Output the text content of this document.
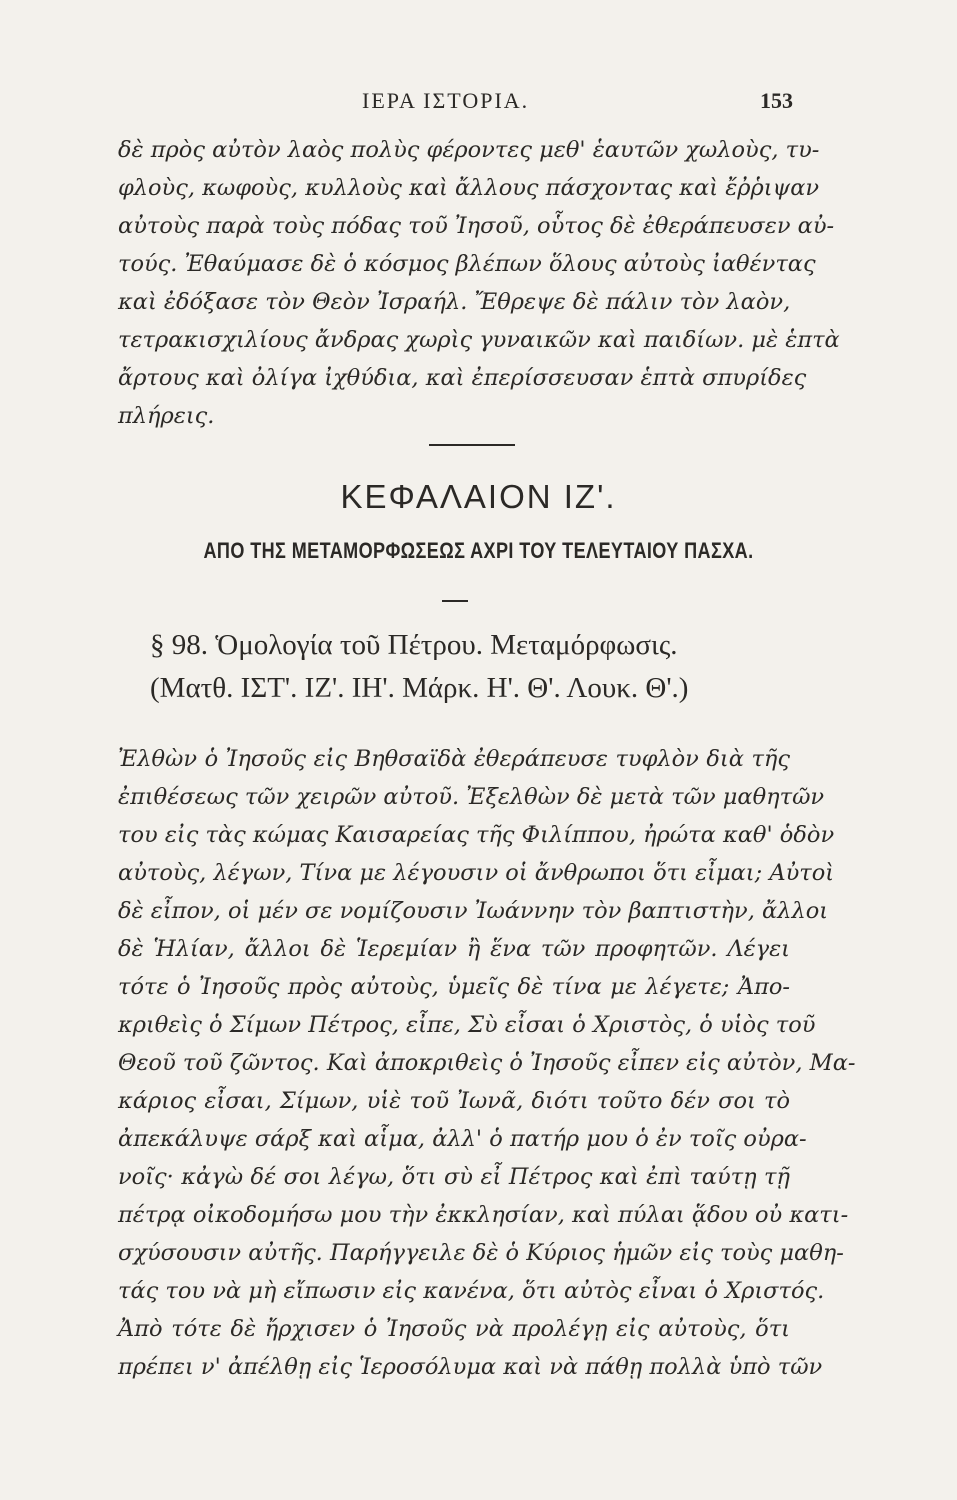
ΙΕΡΑ ΙΣΤΟΡΙΑ.	153
δὲ πρὸς αὐτὸν λαὸς πολὺς φέροντες μεθ' ἑαυτῶν χωλοὺς, τυ-
φλοὺς, κωφοὺς, κυλλοὺς καὶ ἄλλους πάσχοντας καὶ ἔῤῥιψαν
αὐτοὺς παρὰ τοὺς πόδας τοῦ Ἰησοῦ, οὗτος δὲ ἐθεράπευσεν αὐ-
τούς. Ἐθαύμασε δὲ ὁ κόσμος βλέπων ὅλους αὐτοὺς ἰαθέντας
καὶ ἐδόξασε τὸν Θεὸν Ἰσραήλ. Ἔθρεψε δὲ πάλιν τὸν λαὸν,
τετρακισχιλίους ἄνδρας χωρὶς γυναικῶν καὶ παιδίων. μὲ ἑπτὰ
ἄρτους καὶ ὀλίγα ἰχθύδια, καὶ ἐπερίσσευσαν ἑπτὰ σπυρίδες
πλήρεις.
ΚΕΦΑΛΑΙΟΝ ΙΖ'.
ΑΠΟ ΤΗΣ ΜΕΤΑΜΟΡΦΩΣΕΩΣ ΑΧΡΙ ΤΟΥ ΤΕΛΕΥΤΑΙΟΥ ΠΑΣΧΑ.
§ 98. Ὁμολογία τοῦ Πέτρου. Μεταμόρφωσις.
(Ματθ. ΙΣΤ'. ΙΖ'. ΙΗ'. Μάρκ. Η'. Θ'. Λουκ. Θ'.)
Ἐλθὼν ὁ Ἰησοῦς εἰς Βηθσαϊδὰ ἐθεράπευσε τυφλὸν διὰ τῆς
ἐπιθέσεως τῶν χειρῶν αὐτοῦ. Ἐξελθὼν δὲ μετὰ τῶν μαθητῶν
του εἰς τὰς κώμας Καισαρείας τῆς Φιλίππου, ἠρώτα καθ' ὁδὸν
αὐτοὺς, λέγων, Τίνα με λέγουσιν οἱ ἄνθρωποι ὅτι εἶμαι; Αὐτοὶ
δὲ εἶπον, οἱ μέν σε νομίζουσιν Ἰωάννην τὸν βαπτιστὴν, ἄλλοι
δὲ Ἡλίαν, ἄλλοι δὲ Ἱερεμίαν ἢ ἕνα τῶν προφητῶν. Λέγει
τότε ὁ Ἰησοῦς πρὸς αὐτοὺς, ὑμεῖς δὲ τίνα με λέγετε; Ἀπο-
κριθεὶς ὁ Σίμων Πέτρος, εἶπε, Σὺ εἶσαι ὁ Χριστὸς, ὁ υἱὸς τοῦ
Θεοῦ τοῦ ζῶντος. Καὶ ἀποκριθεὶς ὁ Ἰησοῦς εἶπεν εἰς αὐτὸν, Μα-
κάριος εἶσαι, Σίμων, υἱὲ τοῦ Ἰωνᾶ, διότι τοῦτο δέν σοι τὸ
ἀπεκάλυψε σάρξ καὶ αἷμα, ἀλλ' ὁ πατήρ μου ὁ ἐν τοῖς οὐρα-
νοῖς· κἀγὼ δέ σοι λέγω, ὅτι σὺ εἶ Πέτρος καὶ ἐπὶ ταύτῃ τῇ
πέτρᾳ οἰκοδομήσω μου τὴν ἐκκλησίαν, καὶ πύλαι ᾅδου οὐ κατι-
σχύσουσιν αὐτῆς. Παρήγγειλε δὲ ὁ Κύριος ἡμῶν εἰς τοὺς μαθη-
τάς του νὰ μὴ εἴπωσιν εἰς κανένα, ὅτι αὐτὸς εἶναι ὁ Χριστός.
Ἀπὸ τότε δὲ ἤρχισεν ὁ Ἰησοῦς νὰ προλέγῃ εἰς αὐτοὺς, ὅτι
πρέπει ν' ἀπέλθῃ εἰς Ἱεροσόλυμα καὶ νὰ πάθῃ πολλὰ ὑπὸ τῶν
